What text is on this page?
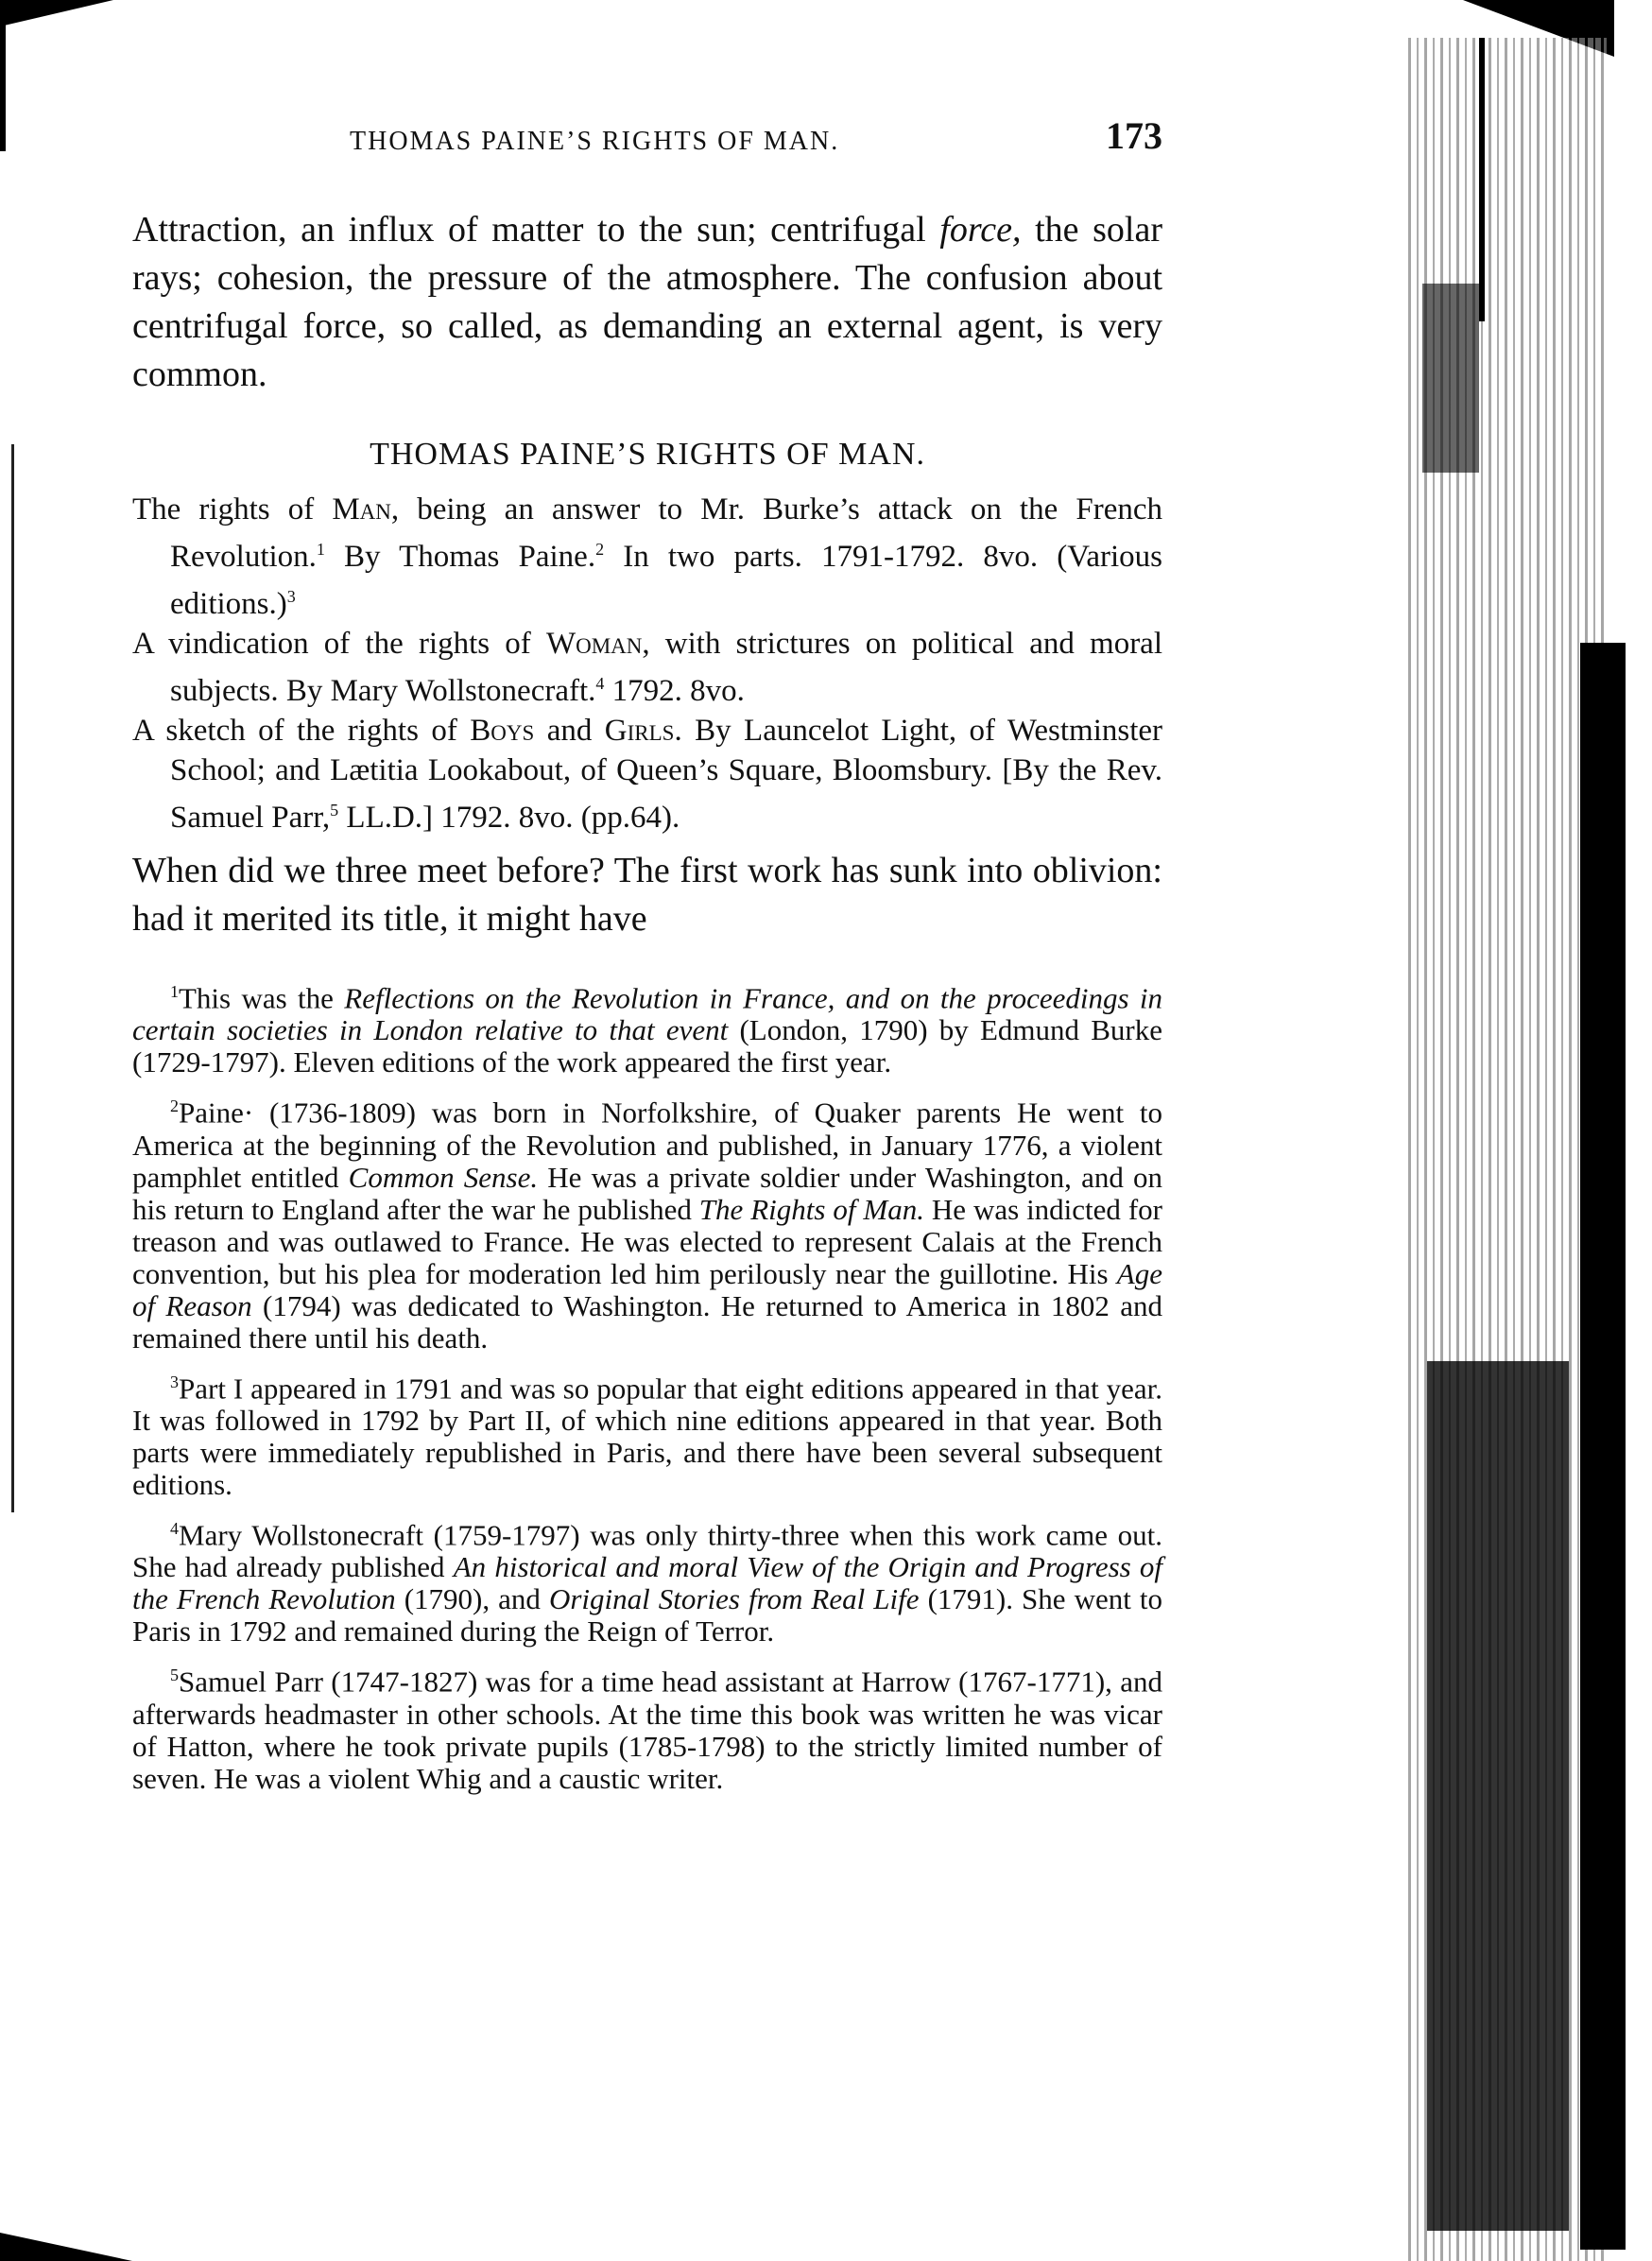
THOMAS PAINE’S RIGHTS OF MAN.	173

Attraction, an influx of matter to the sun; centrifugal force, the solar rays; cohesion, the pressure of the atmosphere. The confusion about centrifugal force, so called, as demanding an external agent, is very common.

THOMAS PAINE’S RIGHTS OF MAN.

The rights of Man, being an answer to Mr. Burke’s attack on the French Revolution.$^1$ By Thomas Paine.$^2$ In two parts. 1791-1792. 8vo. (Various editions.)$^3$

A vindication of the rights of Woman, with strictures on political and moral subjects. By Mary Wollstonecraft.$^4$ 1792. 8vo.

A sketch of the rights of Boys and Girls. By Launcelot Light, of Westminster School; and Lætitia Lookabout, of Queen’s Square, Bloomsbury. [By the Rev. Samuel Parr,$^5$ LL.D.] 1792. 8vo. (pp.64).

When did we three meet before? The first work has sunk into oblivion: had it merited its title, it might have

$^1$This was the Reflections on the Revolution in France, and on the proceedings in certain societies in London relative to that event (London, 1790) by Edmund Burke (1729-1797). Eleven editions of the work appeared the first year.

$^2$Paine· (1736-1809) was born in Norfolkshire, of Quaker parents He went to America at the beginning of the Revolution and published, in January 1776, a violent pamphlet entitled Common Sense. He was a private soldier under Washington, and on his return to England after the war he published The Rights of Man. He was indicted for treason and was outlawed to France. He was elected to represent Calais at the French convention, but his plea for moderation led him perilously near the guillotine. His Age of Reason (1794) was dedicated to Washington. He returned to America in 1802 and remained there until his death.

$^3$Part I appeared in 1791 and was so popular that eight editions appeared in that year. It was followed in 1792 by Part II, of which nine editions appeared in that year. Both parts were immediately republished in Paris, and there have been several subsequent editions.

$^4$Mary Wollstonecraft (1759-1797) was only thirty-three when this work came out. She had already published An historical and moral View of the Origin and Progress of the French Revolution (1790), and Original Stories from Real Life (1791). She went to Paris in 1792 and remained during the Reign of Terror.

$^5$Samuel Parr (1747-1827) was for a time head assistant at Harrow (1767-1771), and afterwards headmaster in other schools. At the time this book was written he was vicar of Hatton, where he took private pupils (1785-1798) to the strictly limited number of seven. He was a violent Whig and a caustic writer.
